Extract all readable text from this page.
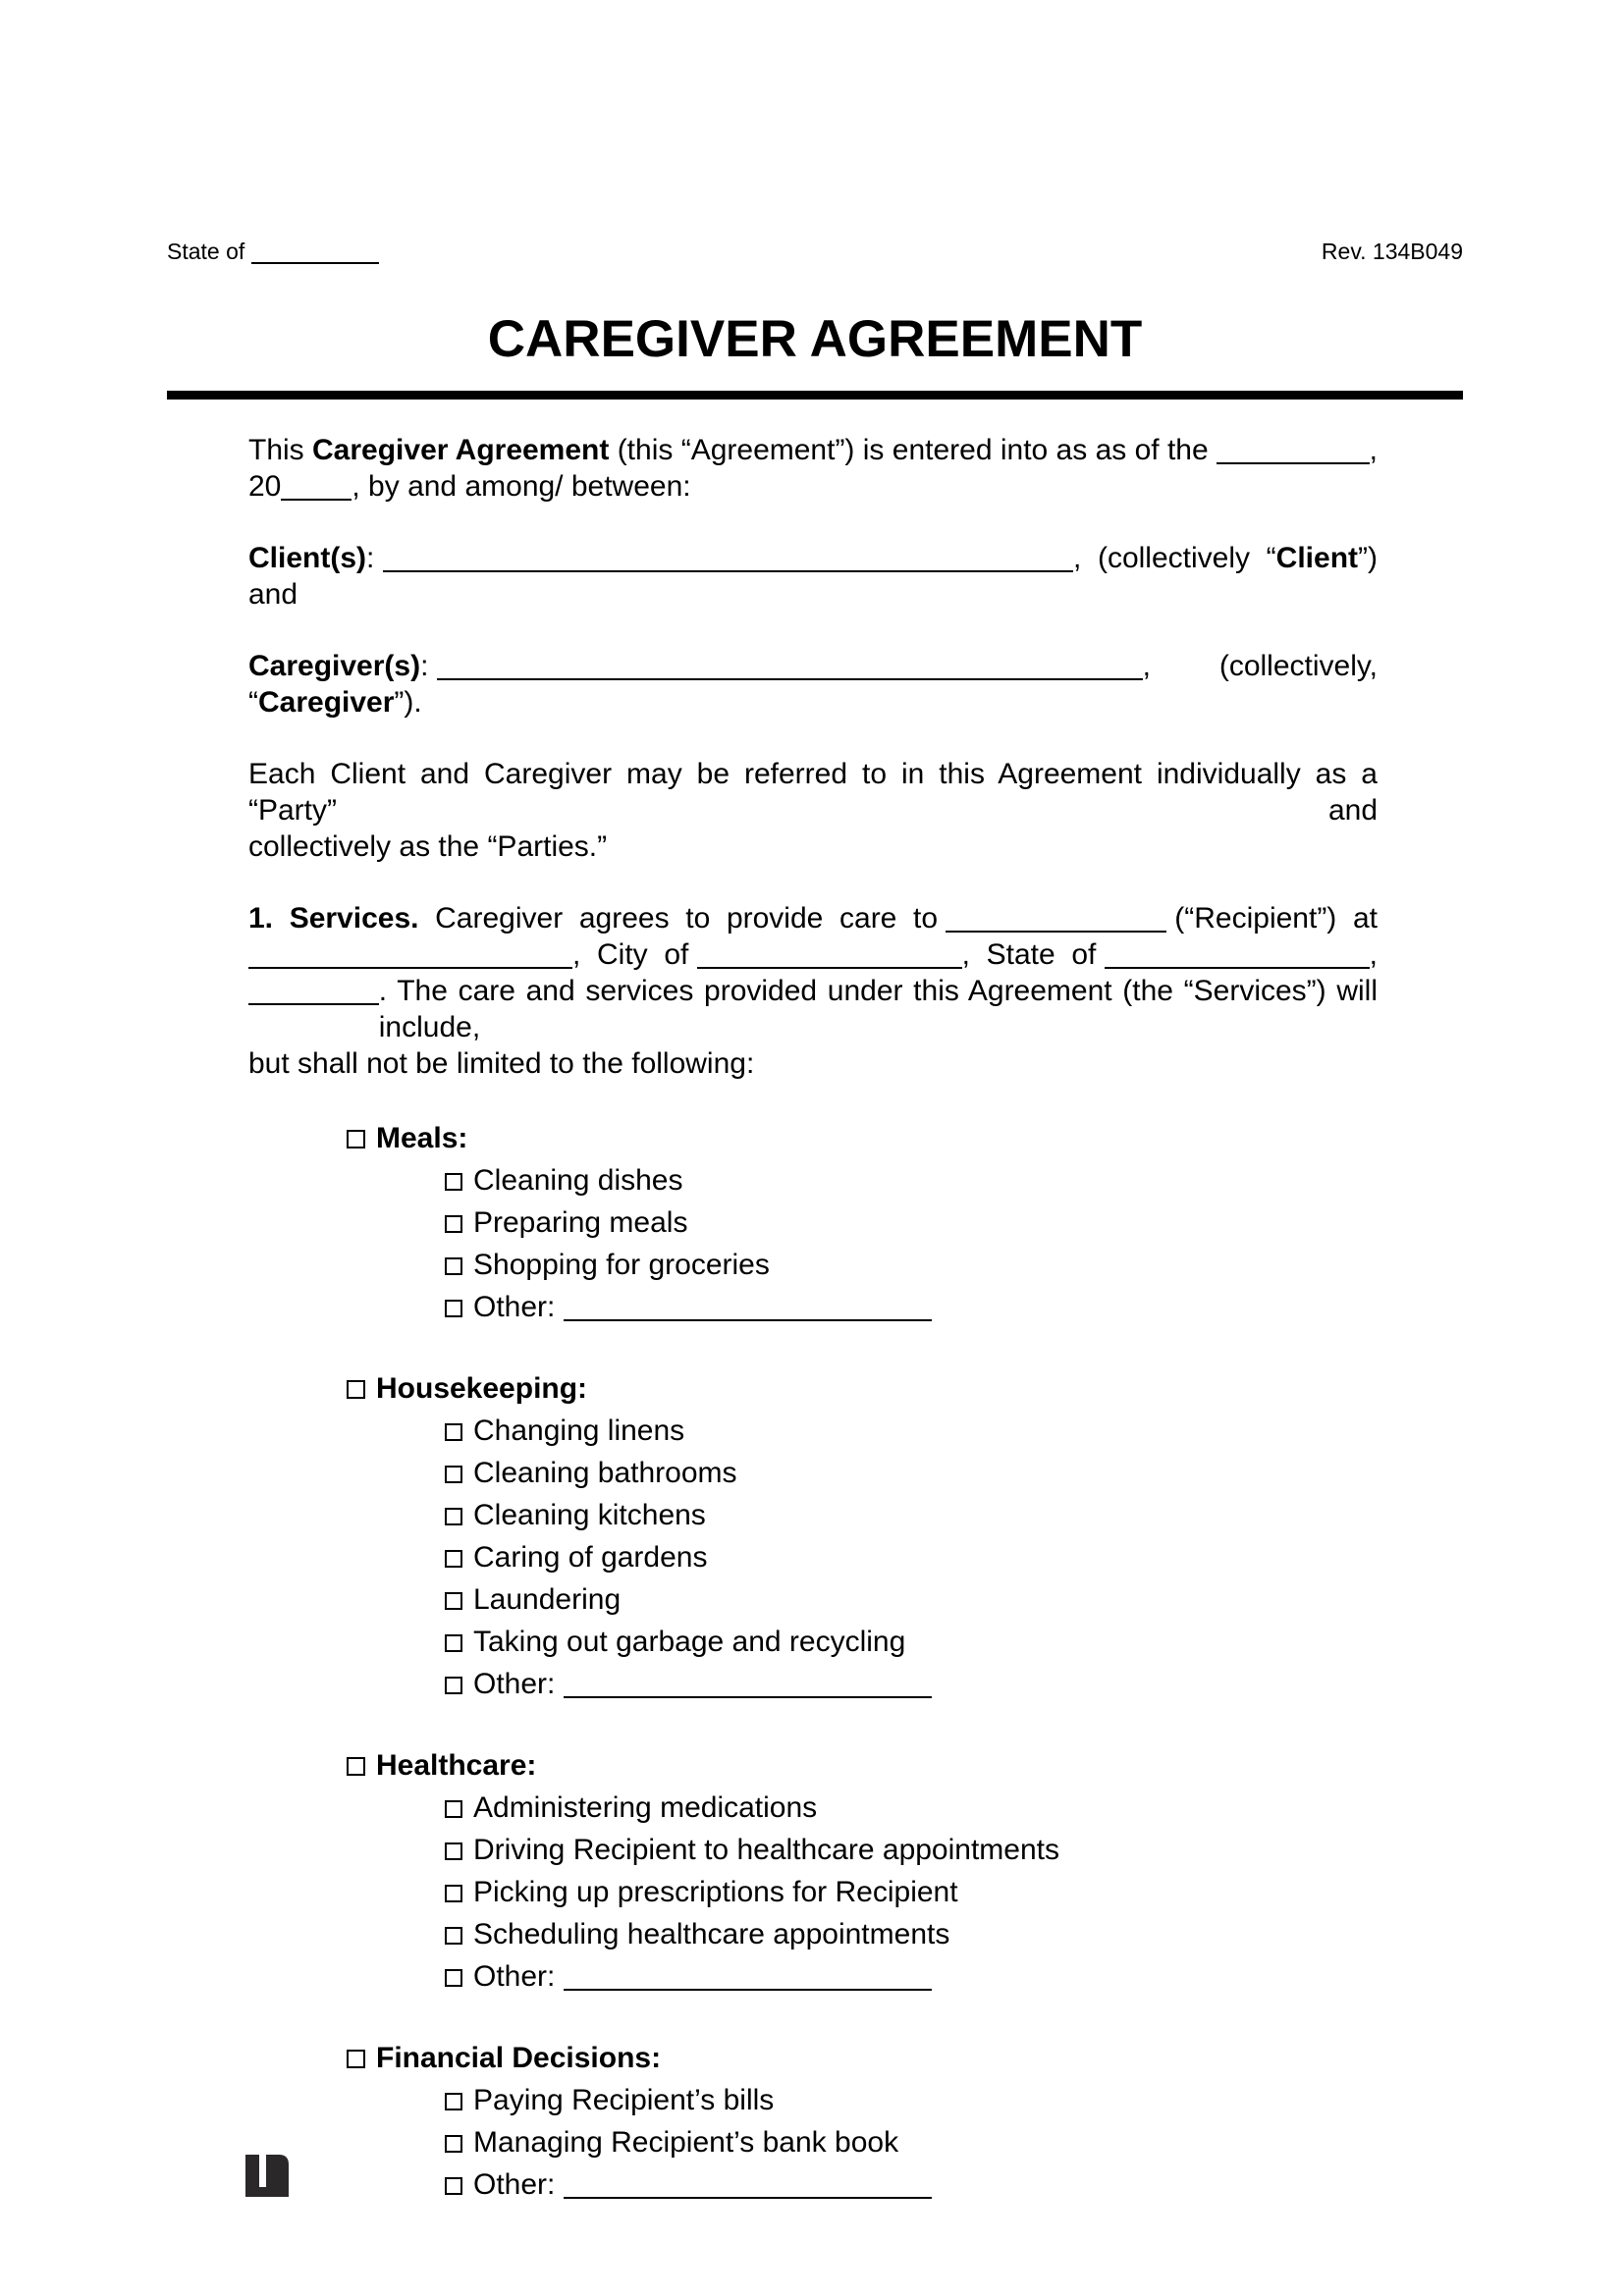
State of	Rev. 134B049
CAREGIVER AGREEMENT
This Caregiver Agreement (this “Agreement”) is entered into as as of the	,
20 , by and among/ between:
Client(s) :	,  (collectively  “ Client ”)
and
Caregiver(s) :	, (collectively,
“ Caregiver ”).
Each Client and Caregiver may be referred to in this Agreement individually as a “Party” and
collectively as the “Parties.”
1.  Services. Caregiver  agrees  to  provide  care  to	(“Recipient”)  at
,  City  of	,  State  of	,
. The care and services provided under this Agreement (the “Services”) will include,
but shall not be limited to the following:
Meals:
Cleaning dishes
Preparing meals
Shopping for groceries
Other:
Housekeeping:
Changing linens
Cleaning bathrooms
Cleaning kitchens
Caring of gardens
Laundering
Taking out garbage and recycling
Other:
Healthcare:
Administering medications
Driving Recipient to healthcare appointments
Picking up prescriptions for Recipient
Scheduling healthcare appointments
Other:
Financial Decisions:
Paying Recipient’s bills
Managing Recipient’s bank book
Other:
